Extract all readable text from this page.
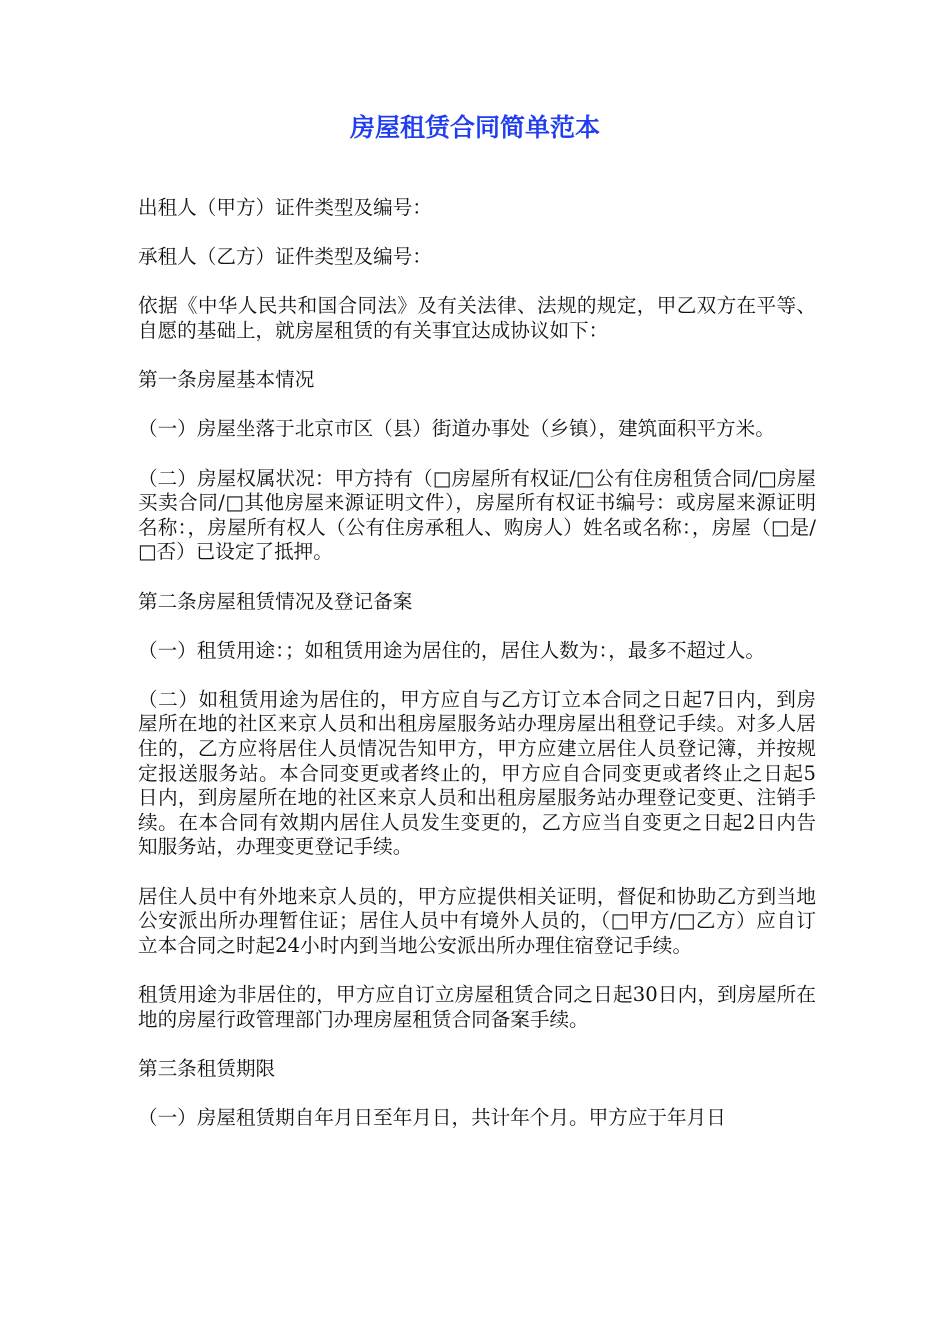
房屋租赁合同简单范本

出租人（甲方）证件类型及编号：

承租人（乙方）证件类型及编号：

依据《中华人民共和国合同法》及有关法律、法规的规定，甲乙双方在平等、自愿的基础上，就房屋租赁的有关事宜达成协议如下：

第一条房屋基本情况

（一）房屋坐落于北京市区（县）街道办事处（乡镇），建筑面积平方米。

（二）房屋权属状况：甲方持有（□房屋所有权证/□公有住房租赁合同/□房屋买卖合同/□其他房屋来源证明文件），房屋所有权证书编号：或房屋来源证明名称：，房屋所有权人（公有住房承租人、购房人）姓名或名称：，房屋（□是/□否）已设定了抵押。

第二条房屋租赁情况及登记备案

（一）租赁用途：；如租赁用途为居住的，居住人数为：，最多不超过人。

（二）如租赁用途为居住的，甲方应自与乙方订立本合同之日起7日内，到房屋所在地的社区来京人员和出租房屋服务站办理房屋出租登记手续。对多人居住的，乙方应将居住人员情况告知甲方，甲方应建立居住人员登记簿，并按规定报送服务站。本合同变更或者终止的，甲方应自合同变更或者终止之日起5日内，到房屋所在地的社区来京人员和出租房屋服务站办理登记变更、注销手续。在本合同有效期内居住人员发生变更的，乙方应当自变更之日起2日内告知服务站，办理变更登记手续。

居住人员中有外地来京人员的，甲方应提供相关证明，督促和协助乙方到当地公安派出所办理暂住证；居住人员中有境外人员的，（□甲方/□乙方）应自订立本合同之时起24小时内到当地公安派出所办理住宿登记手续。

租赁用途为非居住的，甲方应自订立房屋租赁合同之日起30日内，到房屋所在地的房屋行政管理部门办理房屋租赁合同备案手续。

第三条租赁期限

（一）房屋租赁期自年月日至年月日，共计年个月。甲方应于年月日
